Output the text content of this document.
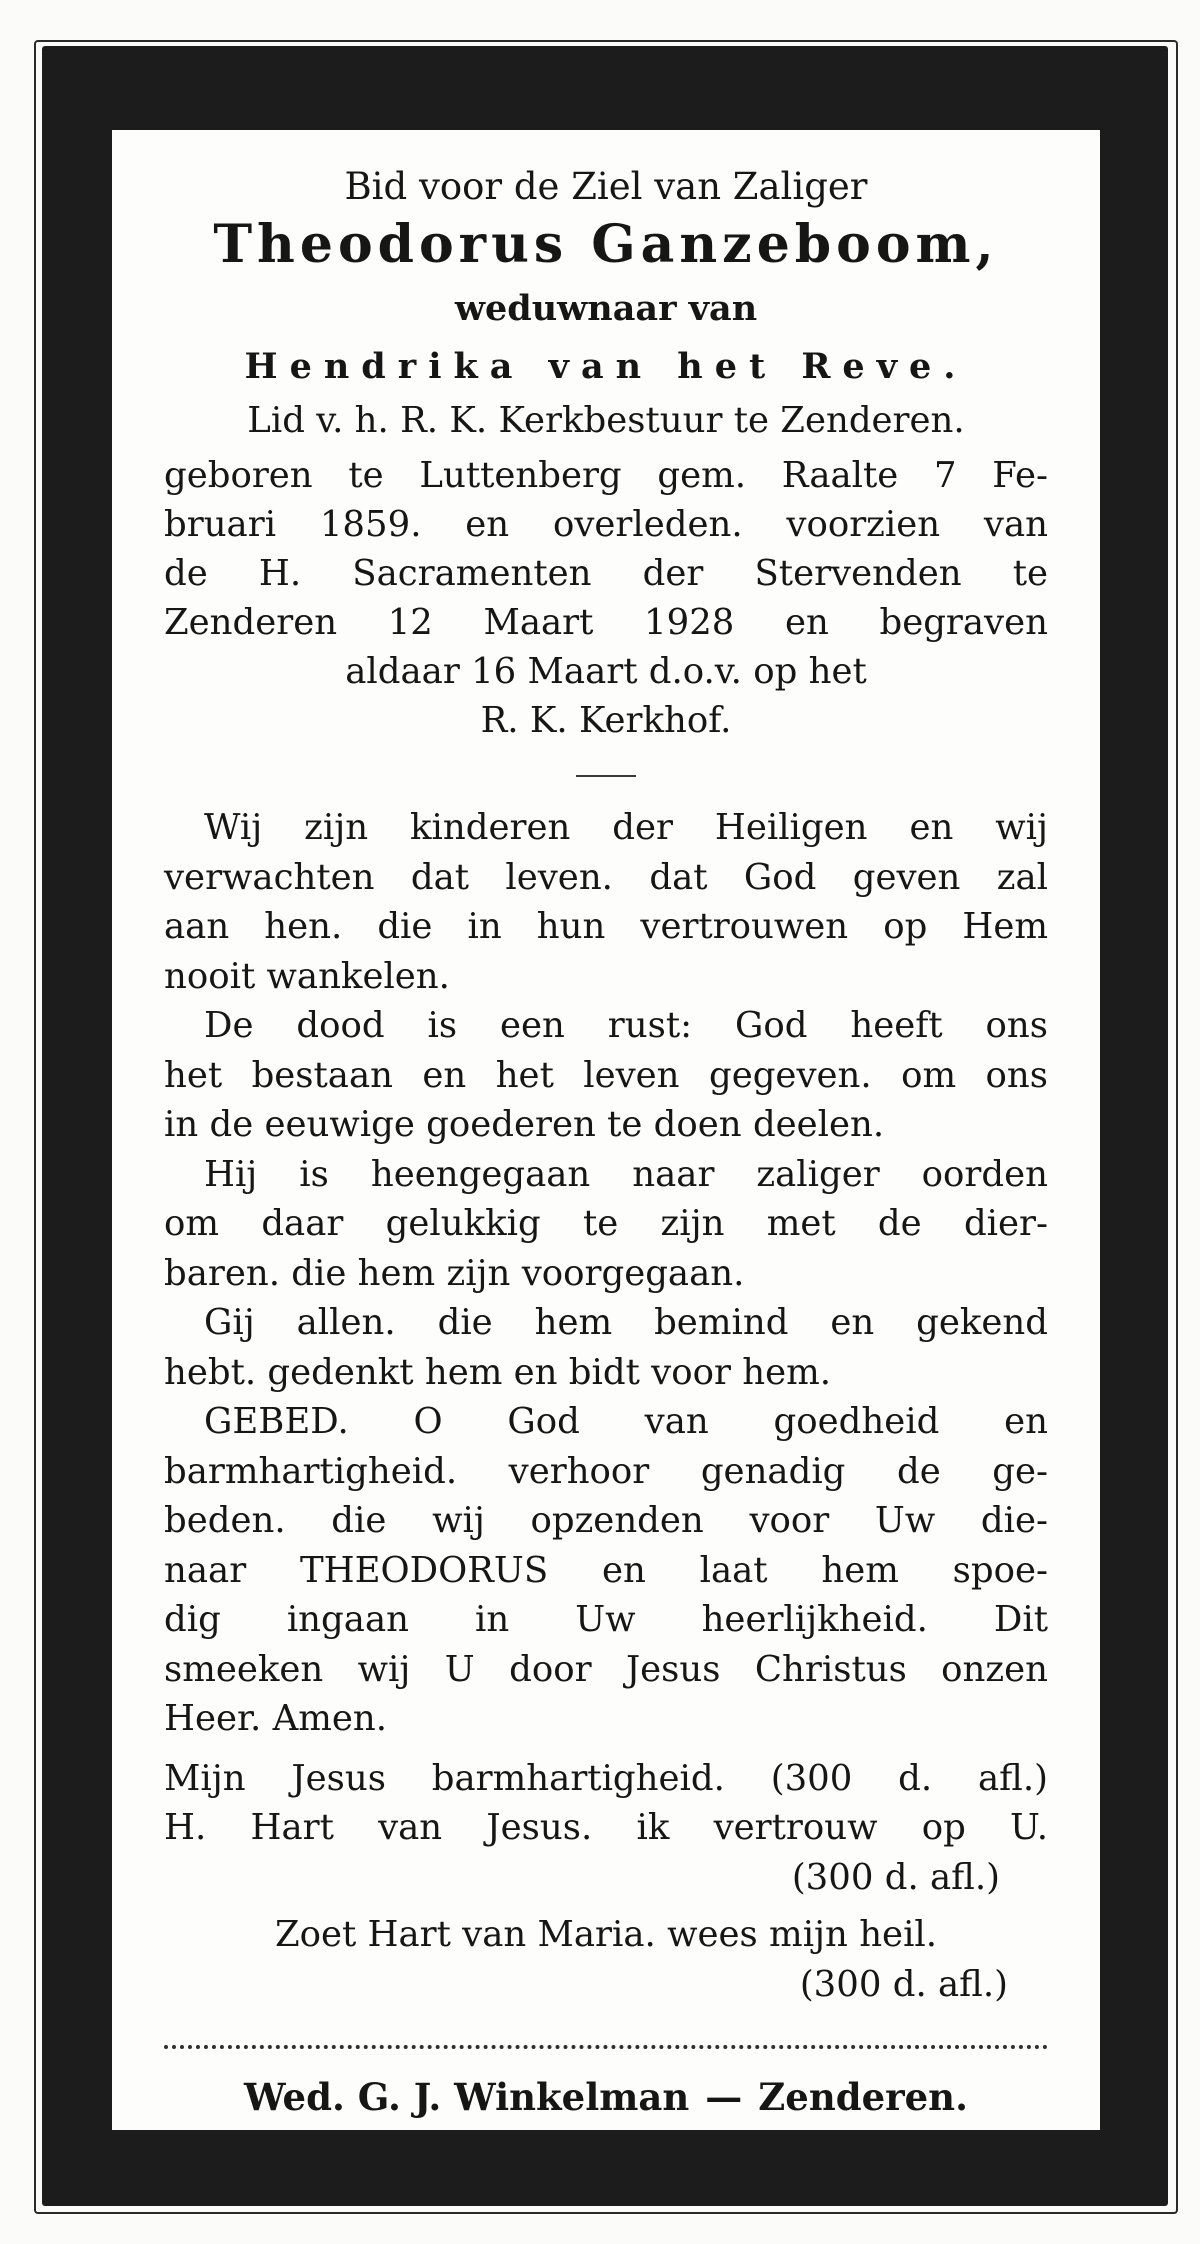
Bid voor de Ziel van Zaliger
Theodorus Ganzeboom,
weduwnaar van
Hendrika van het Reve.
Lid v. h. R. K. Kerkbestuur te Zenderen.
geboren te Luttenberg gem. Raalte 7 Fe-
bruari 1859. en overleden. voorzien van
de H. Sacramenten der Stervenden te
Zenderen 12 Maart 1928 en begraven
aldaar 16 Maart d.o.v. op het
R. K. Kerkhof.
Wij zijn kinderen der Heiligen en wij
verwachten dat leven. dat God geven zal
aan hen. die in hun vertrouwen op Hem
nooit wankelen.
De dood is een rust: God heeft ons
het bestaan en het leven gegeven. om ons
in de eeuwige goederen te doen deelen.
Hij is heengegaan naar zaliger oorden
om daar gelukkig te zijn met de dier-
baren. die hem zijn voorgegaan.
Gij allen. die hem bemind en gekend
hebt. gedenkt hem en bidt voor hem.
GEBED. O God van goedheid en
barmhartigheid. verhoor genadig de ge-
beden. die wij opzenden voor Uw die-
naar THEODORUS en laat hem spoe-
dig ingaan in Uw heerlijkheid. Dit
smeeken wij U door Jesus Christus onzen
Heer. Amen.
Mijn Jesus barmhartigheid. (300 d. afl.)
H. Hart van Jesus. ik vertrouw op U.
(300 d. afl.)
Zoet Hart van Maria. wees mijn heil.
(300 d. afl.)
Wed. G. J. Winkelman — Zenderen.
